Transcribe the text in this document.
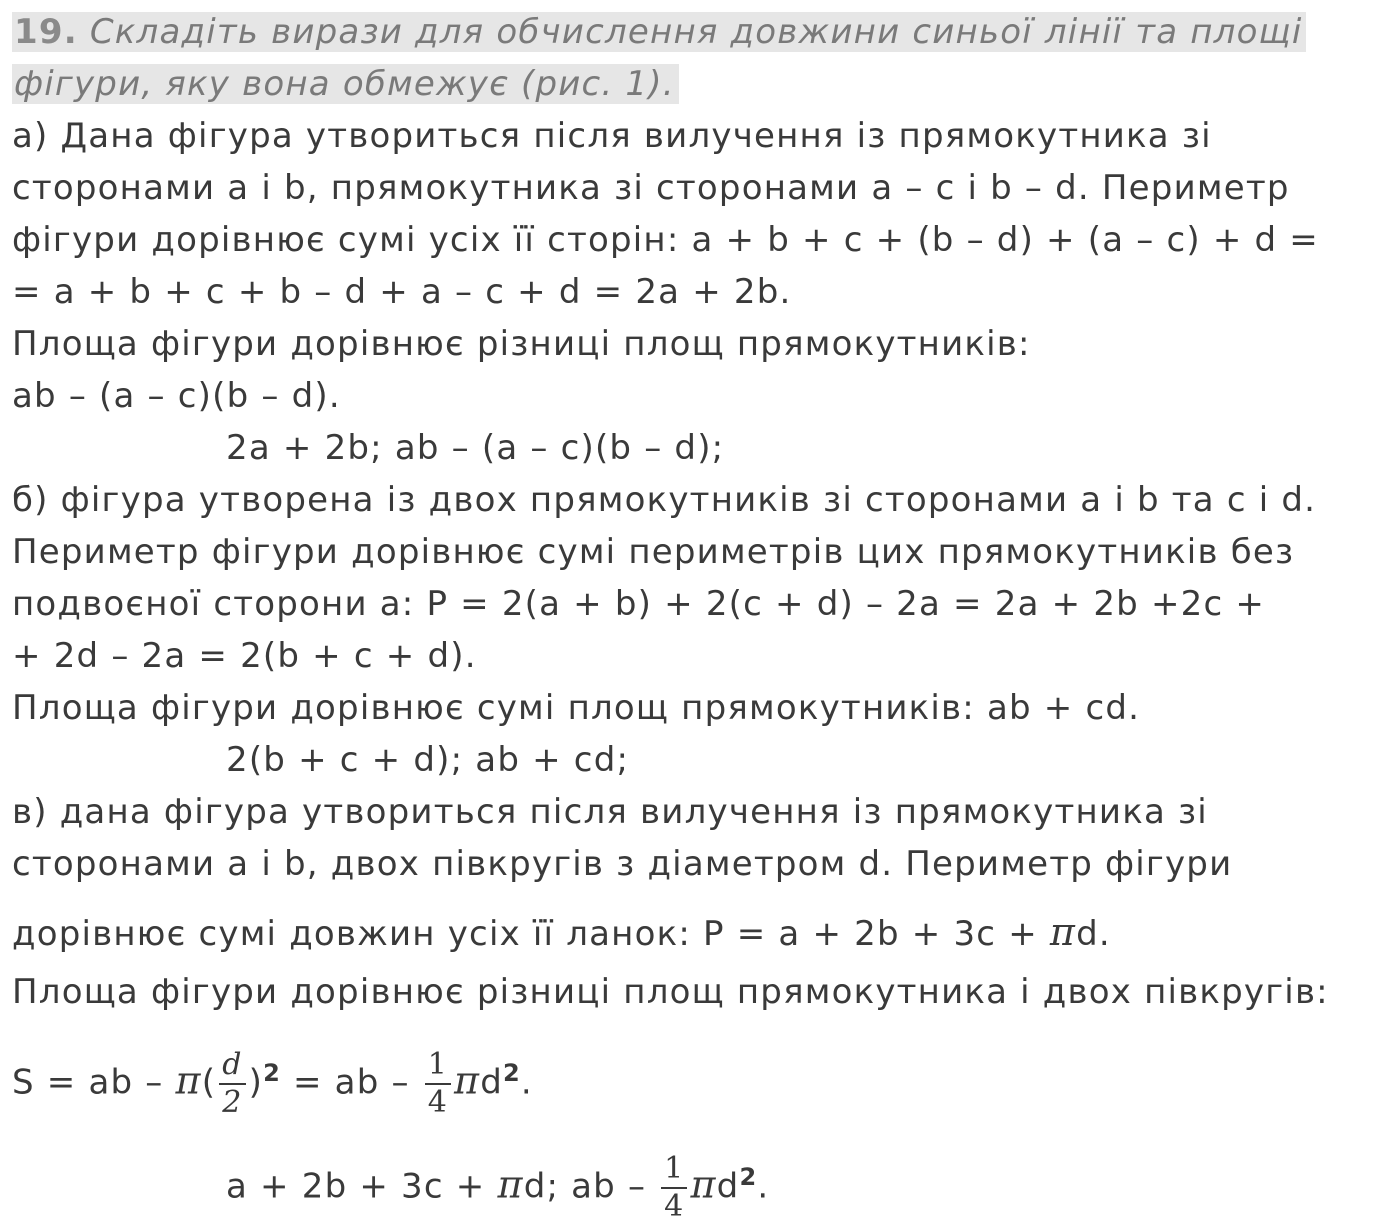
19. Складіть вирази для обчислення довжини синьої лінії та площі
фігури, яку вона обмежує (рис. 1).
а) Дана фігура утвориться після вилучення із прямокутника зі
сторонами a і b, прямокутника зі сторонами a – c і b – d. Периметр
фігури дорівнює сумі усіх її сторін: a + b + c + (b – d) + (a – c) + d =
= a + b + c + b – d + a – c + d = 2a + 2b.
Площа фігури дорівнює різниці площ прямокутників:
ab – (a – c)(b – d).
2a + 2b; ab – (a – c)(b – d);
б) фігура утворена із двох прямокутників зі сторонами a і b та c і d.
Периметр фігури дорівнює сумі периметрів цих прямокутників без
подвоєної сторони a: P = 2(a + b) + 2(c + d) – 2a = 2a + 2b +2c +
+ 2d – 2a = 2(b + c + d).
Площа фігури дорівнює сумі площ прямокутників: ab + cd.
2(b + c + d); ab + cd;
в) дана фігура утвориться після вилучення із прямокутника зі
сторонами a і b, двох півкругів з діаметром d. Периметр фігури
дорівнює сумі довжин усіх її ланок: P = a + 2b + 3c + πd.
Площа фігури дорівнює різниці площ прямокутника і двох півкругів:
S = ab – $\pi( \frac{d}{2} )^2$ = ab – $\frac{1}{4} \pi d^2$.
a + 2b + 3c + πd; ab – $\frac{1}{4} \pi d^2$.
